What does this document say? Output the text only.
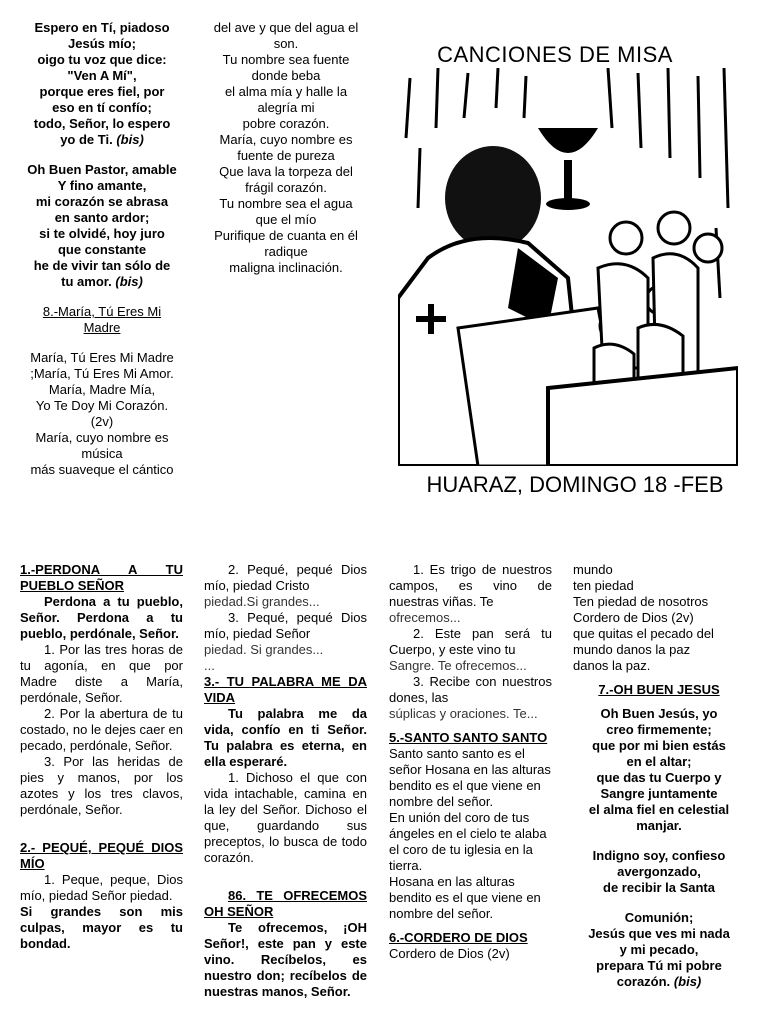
Espero en Tí, piadoso
Jesús mío;
oigo tu voz que dice:
"Ven A Mí",
porque eres fiel, por
eso en tí confío;
todo, Señor, lo espero
yo de Ti. (bis)
Oh Buen Pastor, amable
Y fino amante,
mi corazón se abrasa
en santo ardor;
si te olvidé, hoy juro
que constante
he de vivir tan sólo de
tu amor. (bis)
8.-María, Tú Eres Mi
Madre
María, Tú Eres Mi Madre
;María, Tú Eres Mi Amor.
María, Madre Mía,
Yo Te Doy Mi Corazón.
(2v)
María, cuyo nombre es
música
más suaveque el cántico
del ave y que del agua el
son.
Tu nombre sea fuente
donde beba
el alma mía y halle la
alegría mi
pobre corazón.
María, cuyo nombre es
fuente de pureza
Que lava la torpeza del
frágil corazón.
Tu nombre sea el agua
que el mío
Purifique de cuanta en él
radique
maligna inclinación.
CANCIONES DE MISA
HUARAZ, DOMINGO 18 -FEB
1.-PERDONA A TU PUEBLO SEÑOR

Perdona a tu pueblo, Señor. Perdona a tu pueblo, perdónale, Señor.

1. Por las tres horas de tu agonía, en que por Madre diste a María, perdónale, Señor.

2. Por la abertura de tu costado, no le dejes caer en pecado, perdónale, Señor.

3. Por las heridas de pies y manos, por los azotes y los tres clavos, perdónale, Señor.

2.- PEQUÉ, PEQUÉ DIOS MÍO

1. Peque, peque, Dios mío, piedad Señor piedad.

Si grandes son mis culpas, mayor es tu bondad.

2. Pequé, pequé Dios mío, piedad Cristo

piedad.Si grandes...

3. Pequé, pequé Dios mío, piedad Señor

piedad. Si grandes...

...

3.- TU PALABRA ME DA VIDA

Tu palabra me da vida, confío en ti Señor. Tu palabra es eterna, en ella esperaré.

1. Dichoso el que con vida intachable, camina en la ley del Señor. Dichoso el que, guardando sus preceptos, lo busca de todo corazón.

86. TE OFRECEMOS OH SEÑOR

Te ofrecemos, ¡OH Señor!, este pan y este vino. Recíbelos, es nuestro don; recíbelos de nuestras manos, Señor.

1. Es trigo de nuestros campos, es vino de nuestras viñas. Te

ofrecemos...

2. Este pan será tu Cuerpo, y este vino tu

Sangre. Te ofrecemos...

3. Recibe con nuestros dones, las

súplicas y oraciones. Te...

5.-SANTO SANTO SANTO

Santo santo santo es el señor Hosana en las alturas bendito es el que viene en nombre del señor.

En unión del coro de tus ángeles en el cielo te alaba el coro de tu iglesia en la tierra.

Hosana en las alturas bendito es el que viene en nombre del señor.

6.-CORDERO DE DIOS

Cordero de Dios (2v)

mundo
ten piedad
Ten piedad de nosotros
Cordero de Dios (2v)
que quitas el pecado del
mundo danos la paz
danos la paz.
7.-OH BUEN JESUS
Oh Buen Jesús, yo
creo firmemente;
que por mi bien estás
en el altar;
que das tu Cuerpo y
Sangre juntamente
el alma fiel en celestial
manjar.
Indigno soy, confieso
avergonzado,
de recibir la Santa
Comunión;
Jesús que ves mi nada
y mi pecado,
prepara Tú mi pobre
corazón. (bis)
